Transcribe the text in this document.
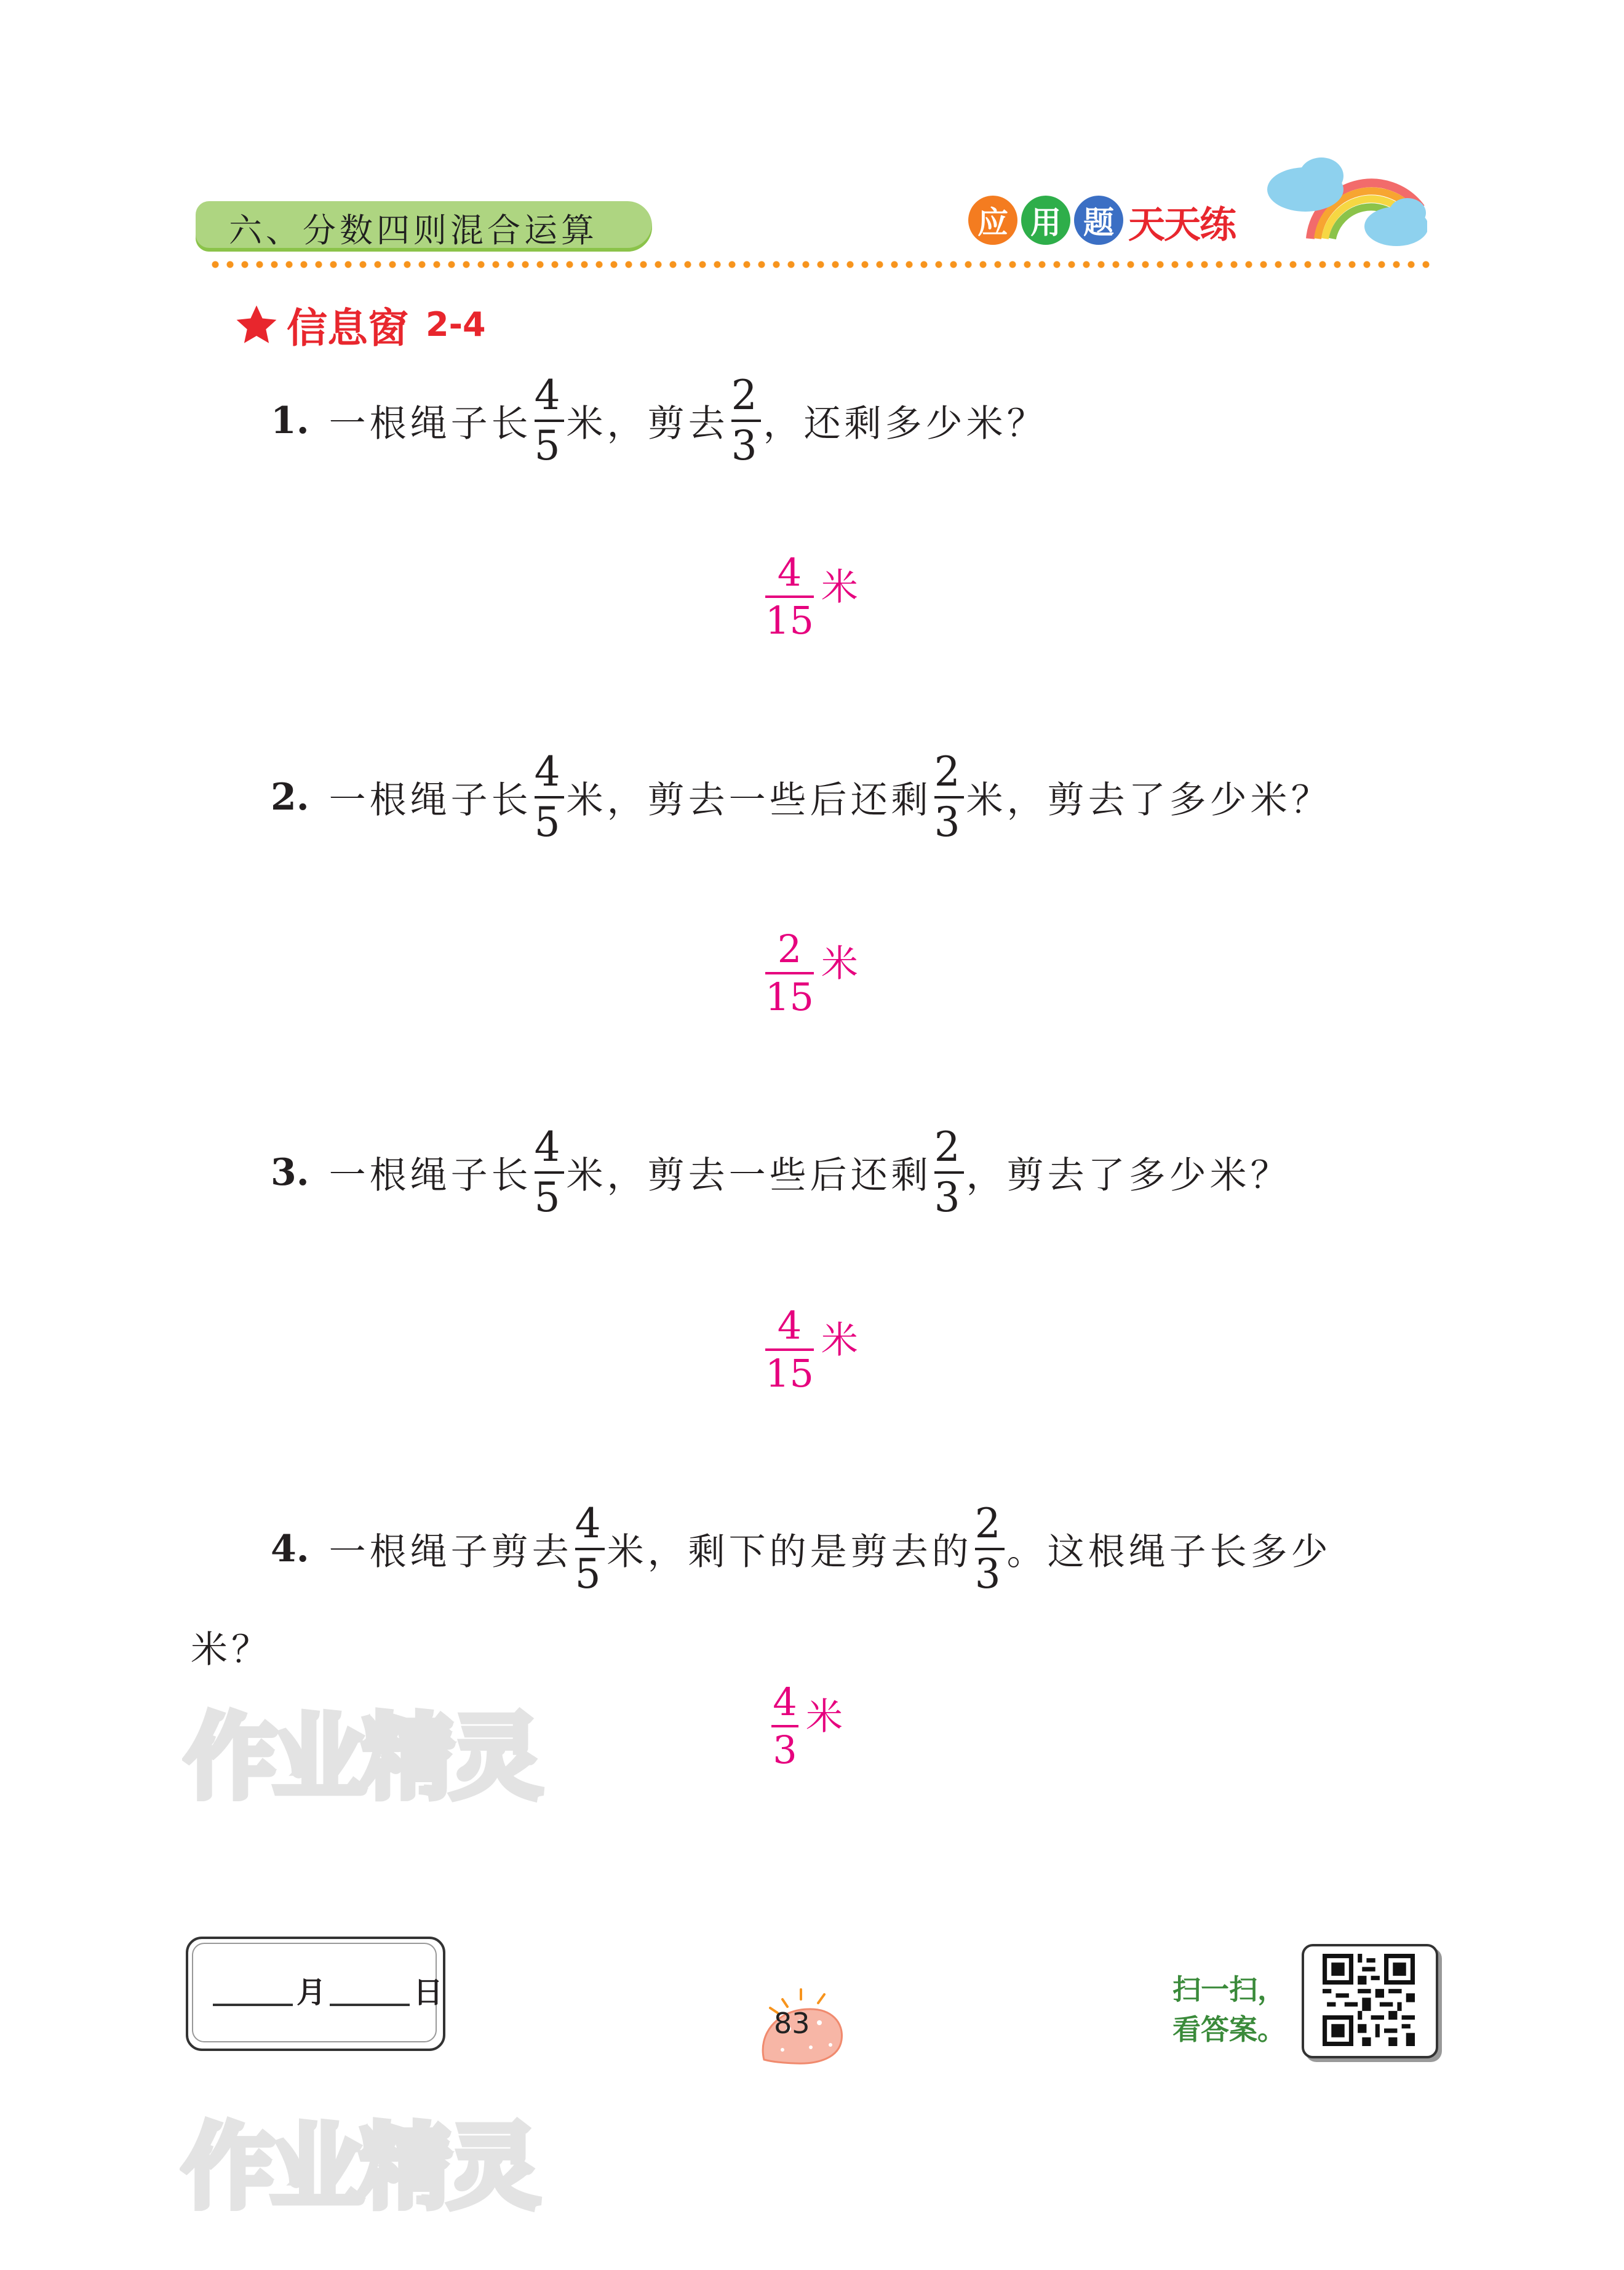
六、分数四则混合运算	应 用 题 天天练
信息窗 2-4
1. 一根绳子长 $\frac{4}{5}$ 米，剪去 $\frac{2}{3}$ ，还剩多少米？
$\frac{4}{15}$ 米
2. 一根绳子长 $\frac{4}{5}$ 米，剪去一些后还剩 $\frac{2}{3}$ 米，剪去了多少米？
$\frac{2}{15}$ 米
3. 一根绳子长 $\frac{4}{5}$ 米，剪去一些后还剩 $\frac{2}{3}$ ，剪去了多少米？
$\frac{4}{15}$ 米
4. 一根绳子剪去 $\frac{4}{5}$ 米，剩下的是剪去的 $\frac{2}{3}$ 。这根绳子长多少
米？
$\frac{4}{3}$ 米
作业精灵
作业精灵
月	日
83
扫一扫，
看答案。
